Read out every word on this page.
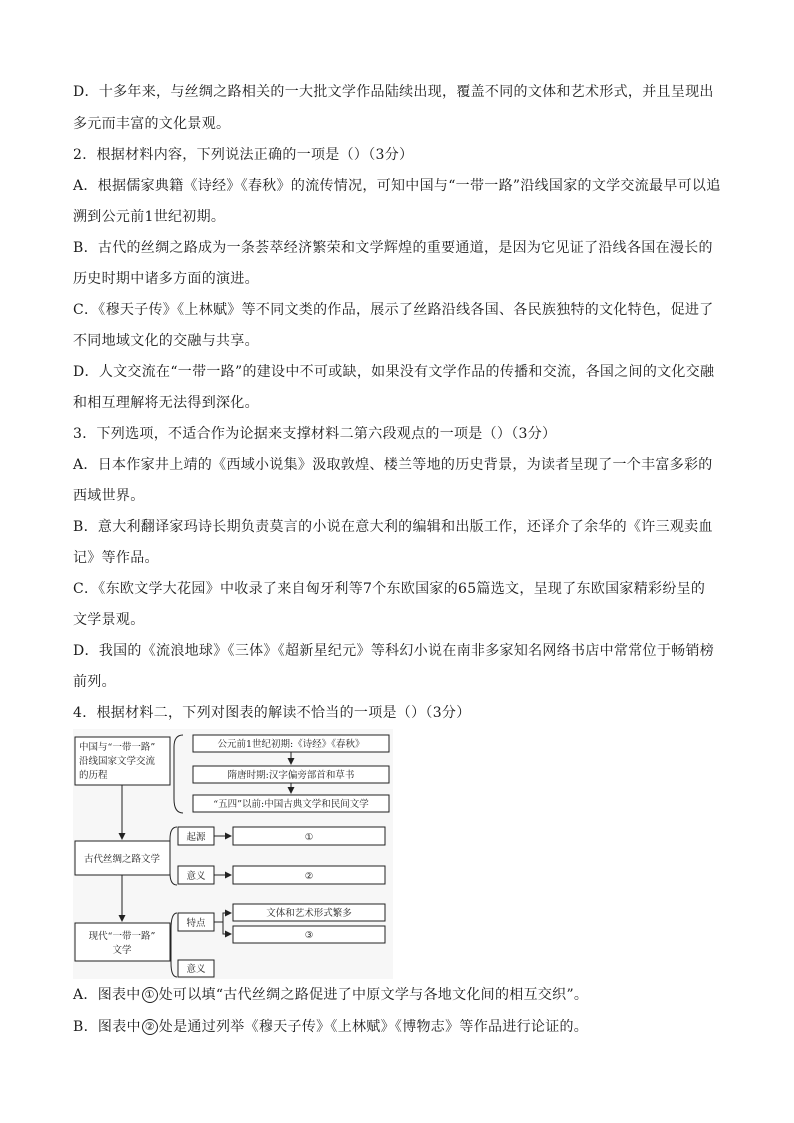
D．十多年来，与丝绸之路相关的一大批文学作品陆续出现，覆盖不同的文体和艺术形式，并且呈现出
多元而丰富的文化景观。
2．根据材料内容，下列说法正确的一项是（）（3分）
A．根据儒家典籍《诗经》《春秋》的流传情况，可知中国与“一带一路”沿线国家的文学交流最早可以追
溯到公元前1世纪初期。
B．古代的丝绸之路成为一条荟萃经济繁荣和文学辉煌的重要通道，是因为它见证了沿线各国在漫长的
历史时期中诸多方面的演进。
C．《穆天子传》《上林赋》等不同文类的作品，展示了丝路沿线各国、各民族独特的文化特色，促进了
不同地域文化的交融与共享。
D．人文交流在“一带一路”的建设中不可或缺，如果没有文学作品的传播和交流，各国之间的文化交融
和相互理解将无法得到深化。
3．下列选项，不适合作为论据来支撑材料二第六段观点的一项是（）（3分）
A．日本作家井上靖的《西域小说集》汲取敦煌、楼兰等地的历史背景，为读者呈现了一个丰富多彩的
西域世界。
B．意大利翻译家玛诗长期负责莫言的小说在意大利的编辑和出版工作，还译介了余华的《许三观卖血
记》等作品。
C．《东欧文学大花园》中收录了来自匈牙利等7个东欧国家的65篇选文，呈现了东欧国家精彩纷呈的
文学景观。
D．我国的《流浪地球》《三体》《超新星纪元》等科幻小说在南非多家知名网络书店中常常位于畅销榜
前列。
4．根据材料二，下列对图表的解读不恰当的一项是（）（3分）
中国与“一带一路”
沿线国家文学交流
的历程
古代丝绸之路文学
现代“一带一路”
文学
公元前1世纪初期:《诗经》《春秋》
隋唐时期:汉字偏旁部首和草书
“五四”以前:中国古典文学和民间文学
起源	①
意义	②
特点
文体和艺术形式繁多
③
意义
A．图表中 ① 处可以填“古代丝绸之路促进了中原文学与各地文化间的相互交织”。
B．图表中 ② 处是通过列举《穆天子传》《上林赋》《博物志》等作品进行论证的。
